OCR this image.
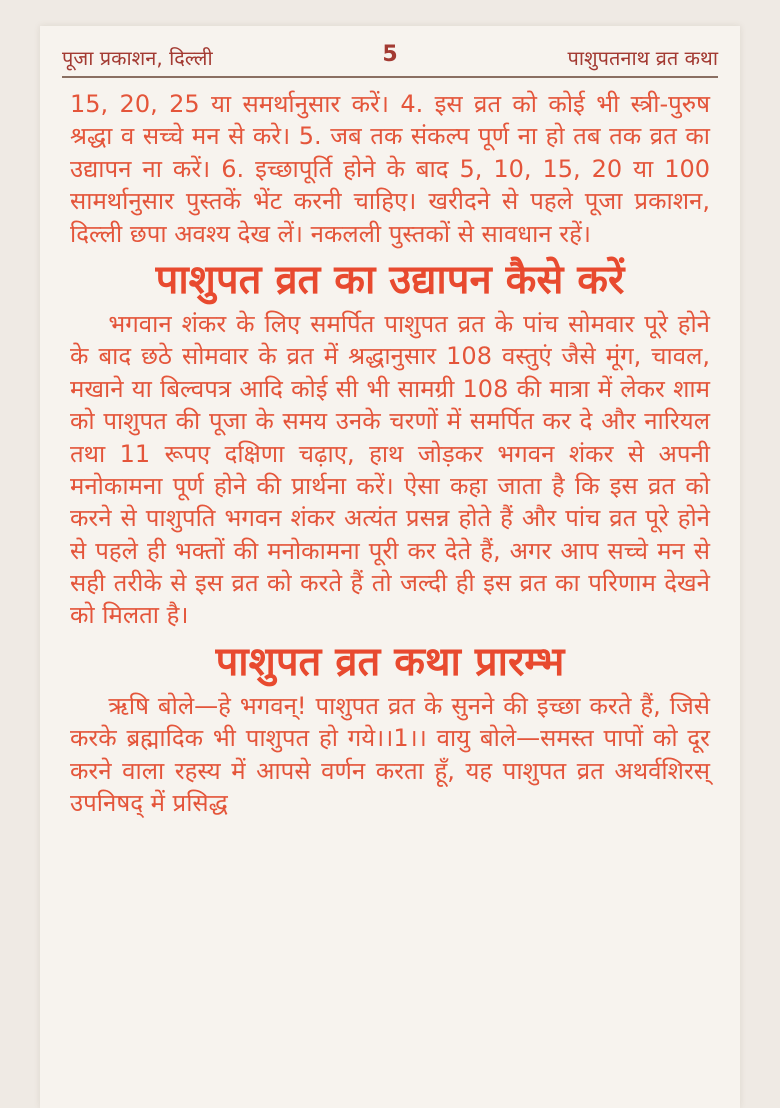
पूजा प्रकाशन, दिल्ली	5	पाशुपतनाथ व्रत कथा

15, 20, 25 या समर्थानुसार करें। 4. इस व्रत को कोई भी स्त्री-पुरुष श्रद्धा व सच्चे मन से करे। 5. जब तक संकल्प पूर्ण ना हो तब तक व्रत का उद्यापन ना करें। 6. इच्छापूर्ति होने के बाद 5, 10, 15, 20 या 100 सामर्थानुसार पुस्तकें भेंट करनी चाहिए। खरीदने से पहले पूजा प्रकाशन, दिल्ली छपा अवश्य देख लें। नकलली पुस्तकों से सावधान रहें।

पाशुपत व्रत का उद्यापन कैसे करें

भगवान शंकर के लिए समर्पित पाशुपत व्रत के पांच सोमवार पूरे होने के बाद छठे सोमवार के व्रत में श्रद्धानुसार 108 वस्तुएं जैसे मूंग, चावल, मखाने या बिल्वपत्र आदि कोई सी भी सामग्री 108 की मात्रा में लेकर शाम को पाशुपत की पूजा के समय उनके चरणों में समर्पित कर दे और नारियल तथा 11 रूपए दक्षिणा चढ़ाए, हाथ जोड़कर भगवन शंकर से अपनी मनोकामना पूर्ण होने की प्रार्थना करें। ऐसा कहा जाता है कि इस व्रत को करने से पाशुपति भगवन शंकर अत्यंत प्रसन्न होते हैं और पांच व्रत पूरे होने से पहले ही भक्तों की मनोकामना पूरी कर देते हैं, अगर आप सच्चे मन से सही तरीके से इस व्रत को करते हैं तो जल्दी ही इस व्रत का परिणाम देखने को मिलता है।

पाशुपत व्रत कथा प्रारम्भ

ऋषि बोले—हे भगवन्! पाशुपत व्रत के सुनने की इच्छा करते हैं, जिसे करके ब्रह्मादिक भी पाशुपत हो गये।।1।। वायु बोले—समस्त पापों को दूर करने वाला रहस्य में आपसे वर्णन करता हूँ, यह पाशुपत व्रत अथर्वशिरस् उपनिषद् में प्रसिद्ध
